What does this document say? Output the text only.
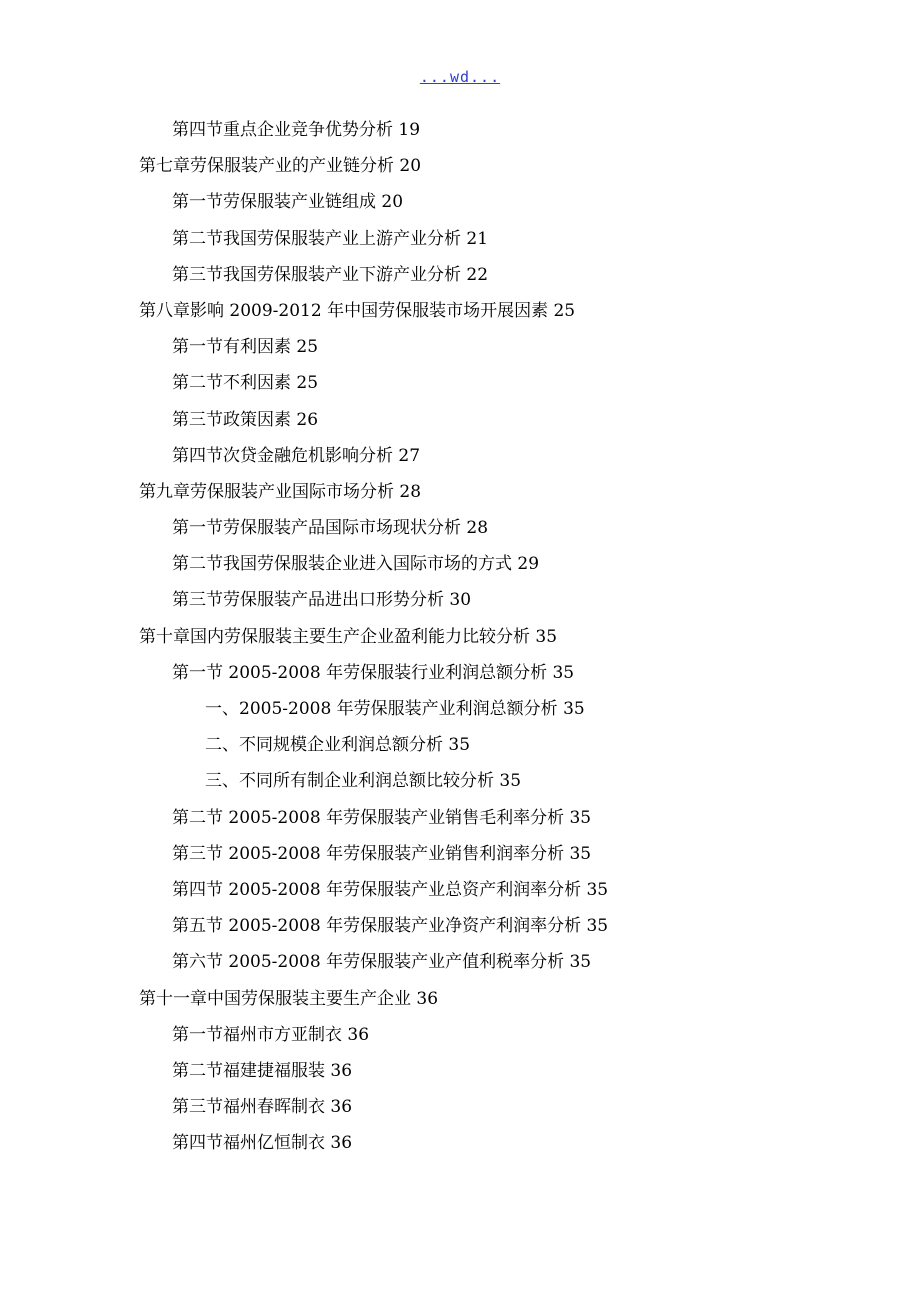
...wd...
第四节重点企业竞争优势分析 19
第七章劳保服装产业的产业链分析 20
第一节劳保服装产业链组成 20
第二节我国劳保服装产业上游产业分析 21
第三节我国劳保服装产业下游产业分析 22
第八章影响 2009-2012 年中国劳保服装市场开展因素 25
第一节有利因素 25
第二节不利因素 25
第三节政策因素 26
第四节次贷金融危机影响分析 27
第九章劳保服装产业国际市场分析 28
第一节劳保服装产品国际市场现状分析 28
第二节我国劳保服装企业进入国际市场的方式 29
第三节劳保服装产品进出口形势分析 30
第十章国内劳保服装主要生产企业盈利能力比较分析 35
第一节 2005-2008 年劳保服装行业利润总额分析 35
一、2005-2008 年劳保服装产业利润总额分析 35
二、不同规模企业利润总额分析 35
三、不同所有制企业利润总额比较分析 35
第二节 2005-2008 年劳保服装产业销售毛利率分析 35
第三节 2005-2008 年劳保服装产业销售利润率分析 35
第四节 2005-2008 年劳保服装产业总资产利润率分析 35
第五节 2005-2008 年劳保服装产业净资产利润率分析 35
第六节 2005-2008 年劳保服装产业产值利税率分析 35
第十一章中国劳保服装主要生产企业 36
第一节福州市方亚制衣 36
第二节福建捷福服装 36
第三节福州春晖制衣 36
第四节福州亿恒制衣 36
